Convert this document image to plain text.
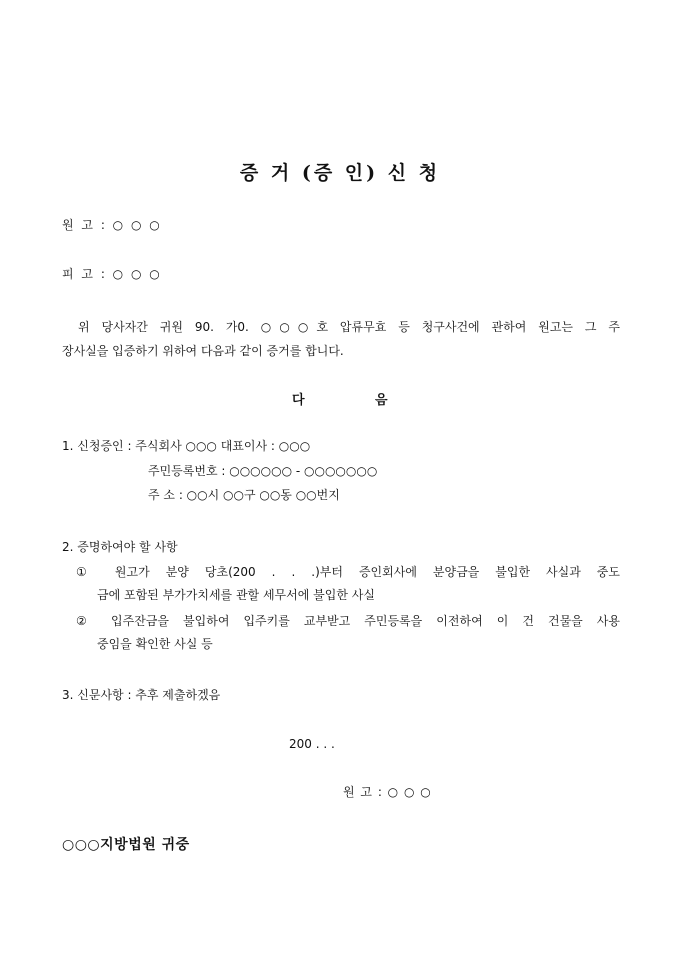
증 거 (증 인) 신 청
원 고 : ○ ○ ○
피 고 : ○ ○ ○
위 당사자간 귀원 90. 가0. ○○○호 압류무효 등 청구사건에 관하여 원고는 그 주
장사실을 입증하기 위하여 다음과 같이 증거를 합니다.
다	음
1. 신청증인 : 주식회사 ○○○ 대표이사 : ○○○
주민등록번호 : ○○○○○○ - ○○○○○○○
주 소 : ○○시 ○○구 ○○동 ○○번지
2. 증명하여야 할 사항
① 원고가 분양 당초(200 . . .)부터 증인회사에 분양금을 불입한 사실과 중도
금에 포함된 부가가치세를 관할 세무서에 불입한 사실
② 입주잔금을 불입하여 입주키를 교부받고 주민등록을 이전하여 이 건 건물을 사용
중임을 확인한 사실 등
3. 신문사항 : 추후 제출하겠음
200 . . .
원 고 : ○ ○ ○
○○○지방법원 귀중
